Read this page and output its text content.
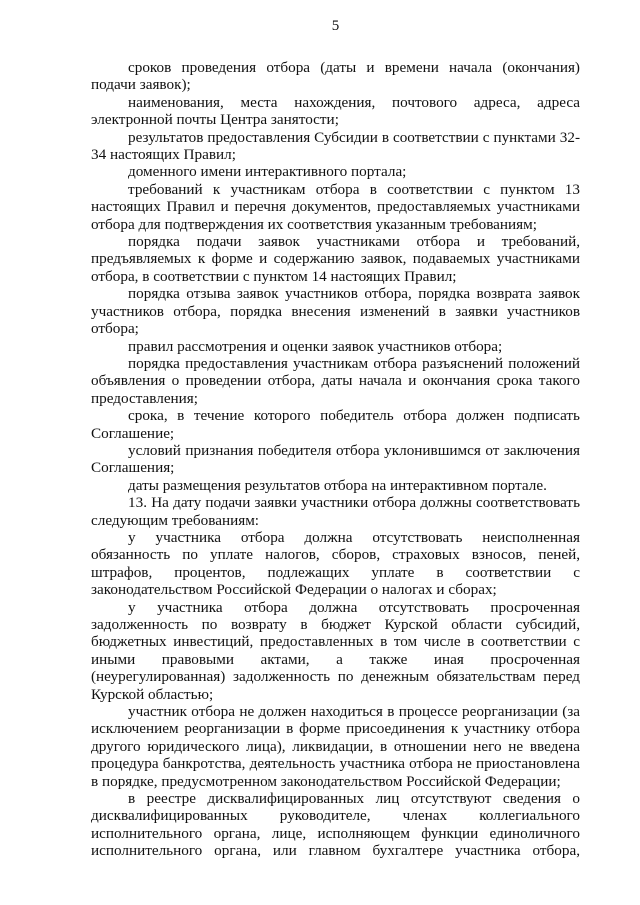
5

сроков проведения отбора (даты и времени начала (окончания) подачи заявок);

наименования, места нахождения, почтового адреса, адреса электронной почты Центра занятости;

результатов предоставления Субсидии в соответствии с пунктами 32-34 настоящих Правил;

доменного имени интерактивного портала;

требований к участникам отбора в соответствии с пунктом 13 настоящих Правил и перечня документов, предоставляемых участниками отбора для подтверждения их соответствия указанным требованиям;

порядка подачи заявок участниками отбора и требований, предъявляемых к форме и содержанию заявок, подаваемых участниками отбора, в соответствии с пунктом 14 настоящих Правил;

порядка отзыва заявок участников отбора, порядка возврата заявок участников отбора, порядка внесения изменений в заявки участников отбора;

правил рассмотрения и оценки заявок участников отбора;

порядка предоставления участникам отбора разъяснений положений объявления о проведении отбора, даты начала и окончания срока такого предоставления;

срока, в течение которого победитель отбора должен подписать Соглашение;

условий признания победителя отбора уклонившимся от заключения Соглашения;

даты размещения результатов отбора на интерактивном портале.

13. На дату подачи заявки участники отбора должны соответствовать следующим требованиям:

у участника отбора должна отсутствовать неисполненная обязанность по уплате налогов, сборов, страховых взносов, пеней, штрафов, процентов, подлежащих уплате в соответствии с законодательством Российской Федерации о налогах и сборах;

у участника отбора должна отсутствовать просроченная задолженность по возврату в бюджет Курской области субсидий, бюджетных инвестиций, предоставленных в том числе в соответствии с иными правовыми актами, а также иная просроченная (неурегулированная) задолженность по денежным обязательствам перед Курской областью;

участник отбора не должен находиться в процессе реорганизации (за исключением реорганизации в форме присоединения к участнику отбора другого юридического лица), ликвидации, в отношении него не введена процедура банкротства, деятельность участника отбора не приостановлена в порядке, предусмотренном законодательством Российской Федерации;

в реестре дисквалифицированных лиц отсутствуют сведения о дисквалифицированных руководителе, членах коллегиального исполнительного органа, лице, исполняющем функции единоличного исполнительного органа, или главном бухгалтере участника отбора,
